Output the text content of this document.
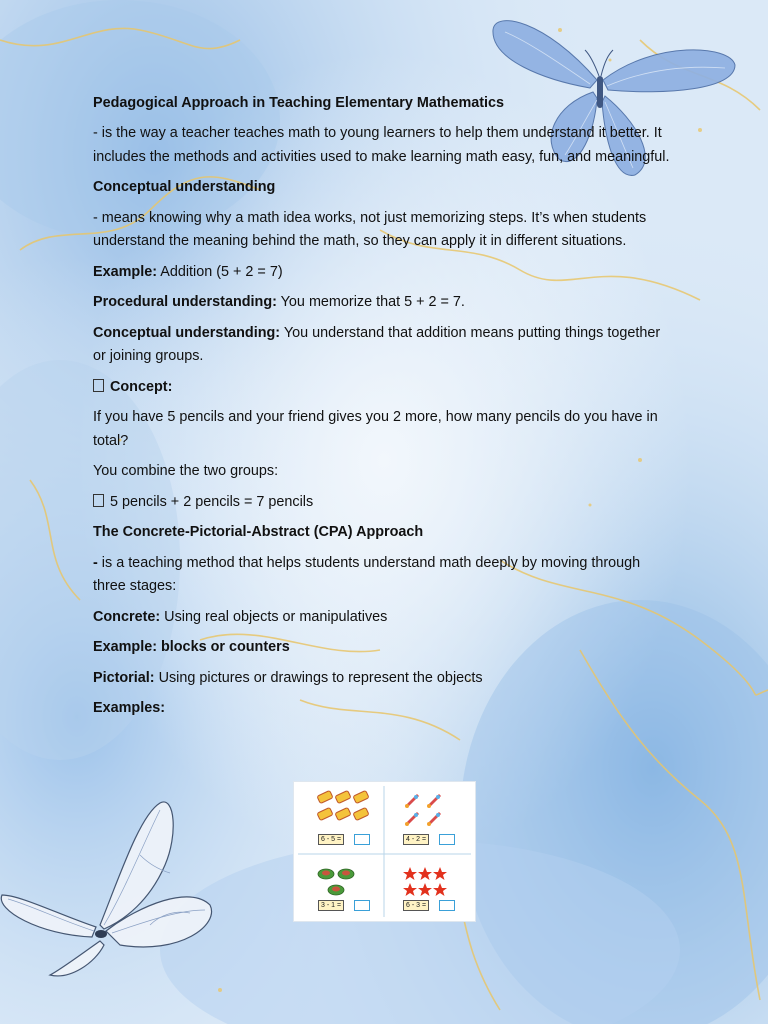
Pedagogical Approach in Teaching Elementary Mathematics

- is the way a teacher teaches math to young learners to help them understand it better. It includes the methods and activities used to make learning math easy, fun, and meaningful.

Conceptual understanding

- means knowing why a math idea works, not just memorizing steps. It’s when students understand the meaning behind the math, so they can apply it in different situations.

Example: Addition (5 + 2 = 7)

Procedural understanding: You memorize that 5 + 2 = 7.

Conceptual understanding: You understand that addition means putting things together or joining groups.

Concept:

If you have 5 pencils and your friend gives you 2 more, how many pencils do you have in total?

You combine the two groups:

5 pencils + 2 pencils = 7 pencils

The Concrete-Pictorial-Abstract (CPA) Approach

- is a teaching method that helps students understand math deeply by moving through three stages:

Concrete: Using real objects or manipulatives

Example: blocks or counters

Pictorial: Using pictures or drawings to represent the objects

Examples:

6 - 5 =	4 - 2 =
3 - 1 =	6 - 3 =
